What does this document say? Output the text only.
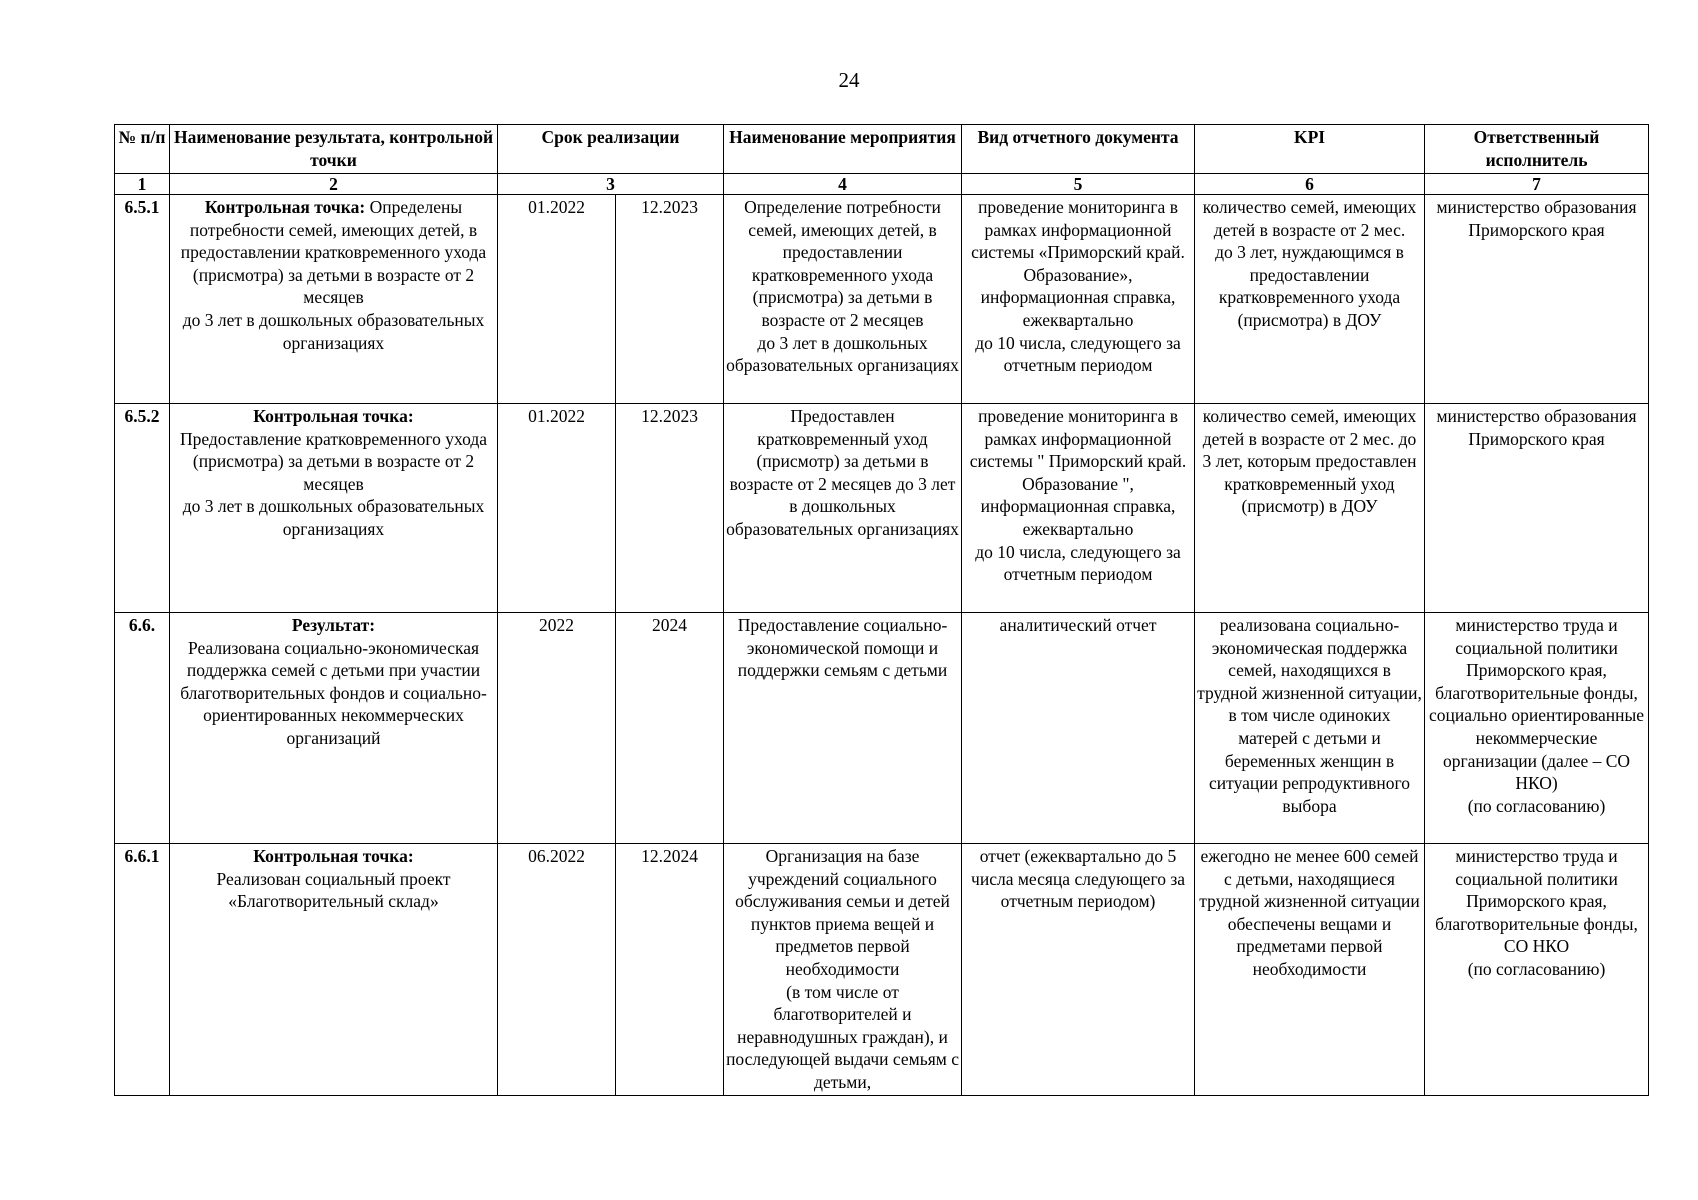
24
№ п/п	Наименование результата, контрольной точки	Срок реализации		Наименование мероприятия	Вид отчетного документа	KPI	Ответственный исполнитель
1	2	3		4	5	6	7
6.5.1	Контрольная точка: Определены потребности семей, имеющих детей, в предоставлении кратковременного ухода (присмотра) за детьми в возрасте от 2 месяцев
до 3 лет в дошкольных образовательных организациях	01.2022	12.2023	Определение потребности семей, имеющих детей, в предоставлении кратковременного ухода (присмотра) за детьми в возрасте от 2 месяцев
до 3 лет в дошкольных образовательных организациях	проведение мониторинга в рамках информационной системы «Приморский край. Образование», информационная справка, ежеквартально
до 10 числа, следующего за отчетным периодом	количество семей, имеющих детей в возрасте от 2 мес.
до 3 лет, нуждающимся в предоставлении кратковременного ухода (присмотра) в ДОУ	министерство образования Приморского края
6.5.2	Контрольная точка:
Предоставление кратковременного ухода (присмотра) за детьми в возрасте от 2 месяцев
до 3 лет в дошкольных образовательных организациях	01.2022	12.2023	Предоставлен кратковременный уход (присмотр) за детьми в возрасте от 2 месяцев до 3 лет в дошкольных образовательных организациях	проведение мониторинга в рамках информационной системы " Приморский край. Образование ", информационная справка, ежеквартально
до 10 числа, следующего за отчетным периодом	количество семей, имеющих детей в возрасте от 2 мес. до 3 лет, которым предоставлен кратковременный уход (присмотр) в ДОУ	министерство образования Приморского края
6.6.	Результат:
Реализована социально-экономическая поддержка семей с детьми при участии благотворительных фондов и социально-ориентированных некоммерческих организаций	2022	2024	Предоставление социально-экономической помощи и поддержки семьям с детьми	аналитический отчет	реализована социально-экономическая поддержка семей, находящихся в трудной жизненной ситуации, в том числе одиноких матерей с детьми и беременных женщин в ситуации репродуктивного выбора	министерство труда и социальной политики Приморского края, благотворительные фонды, социально ориентированные некоммерческие организации (далее – СО НКО)
(по согласованию)
6.6.1	Контрольная точка:
Реализован социальный проект «Благотворительный склад»	06.2022	12.2024	Организация на базе учреждений социального обслуживания семьи и детей пунктов приема вещей и предметов первой необходимости
(в том числе от благотворителей и неравнодушных граждан), и последующей выдачи семьям с детьми,	отчет (ежеквартально до 5 числа месяца следующего за отчетным периодом)	ежегодно не менее 600 семей с детьми, находящиеся трудной жизненной ситуации обеспечены вещами и предметами первой необходимости	министерство труда и социальной политики Приморского края, благотворительные фонды, СО НКО
(по согласованию)
